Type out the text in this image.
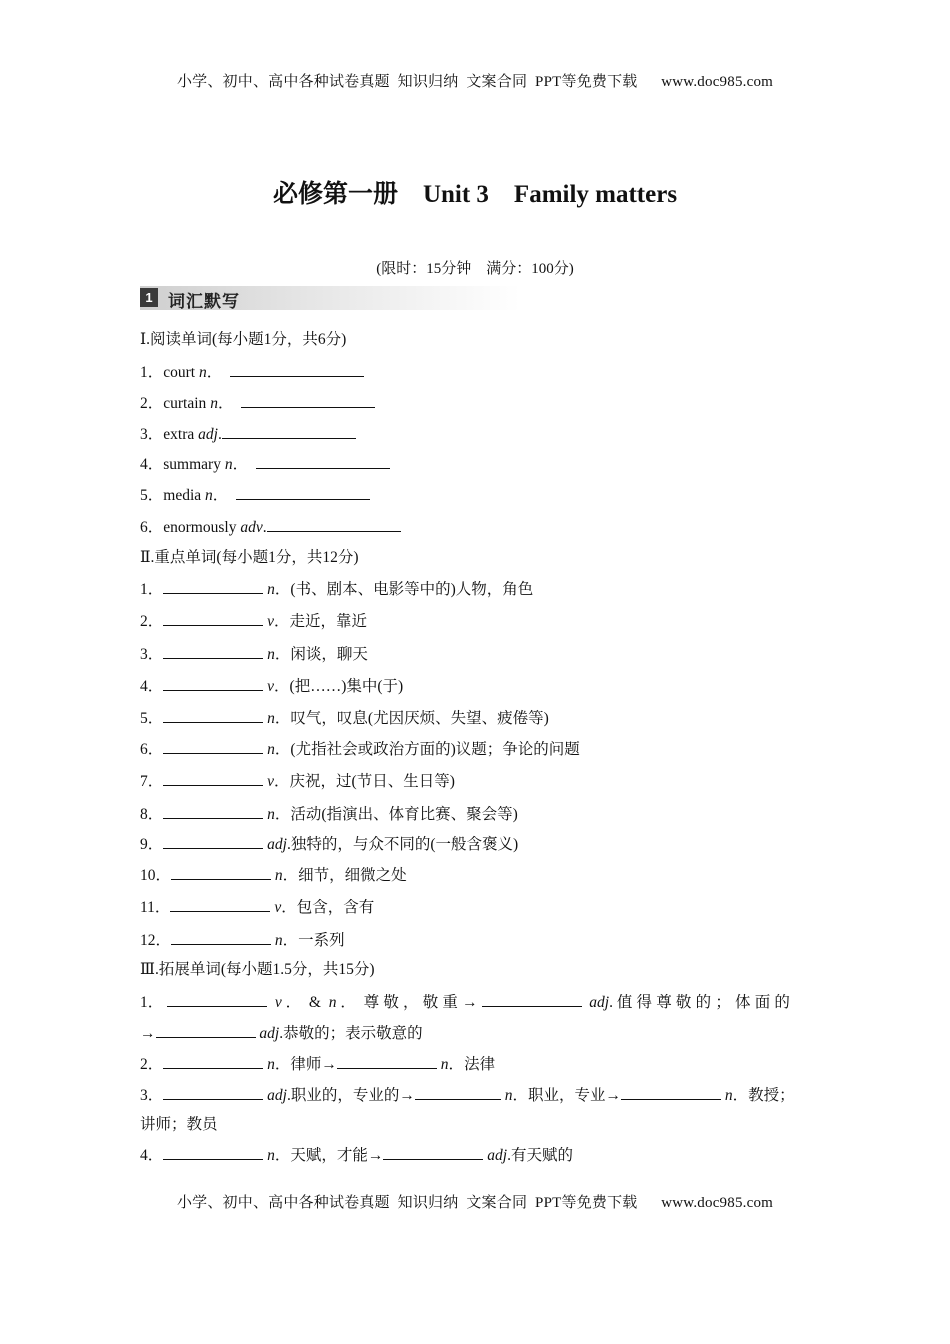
小学、初中、高中各种试卷真题  知识归纳  文案合同  PPT等免费下载 www.doc985.com
必修第一册    Unit 3    Family matters
(限时：15分钟    满分：100分)
1 词汇默写
Ⅰ.阅读单词(每小题1分，共6分)
1．court n．
2．curtain n．
3．extra adj.
4．summary n．
5．media n．
6．enormously adv.
Ⅱ.重点单词(每小题1分，共12分)
1．	n．(书、剧本、电影等中的)人物，角色
2．	v．走近，靠近
3．	n．闲谈，聊天
4．	v．(把……)集中(于)
5．	n．叹气，叹息(尤因厌烦、失望、疲倦等)
6．	n．(尤指社会或政治方面的)议题；争论的问题
7．	v．庆祝，过(节日、生日等)
8．	n．活动(指演出、体育比赛、聚会等)
9．	adj.独特的，与众不同的(一般含褒义)
10．	n．细节，细微之处
11．	v．包含，含有
12．	n．一系列
Ⅲ.拓展单词(每小题1.5分，共15分)
1．	v ．  & n ．  尊敬，敬重→	adj. 值得尊敬的；体面的
→	adj.恭敬的；表示敬意的
2．	n．律师→	n．法律
3．	adj.职业的，专业的→	n．职业，专业→	n．教授；
讲师；教员
4．	n．天赋，才能→	adj.有天赋的
小学、初中、高中各种试卷真题  知识归纳  文案合同  PPT等免费下载 www.doc985.com
